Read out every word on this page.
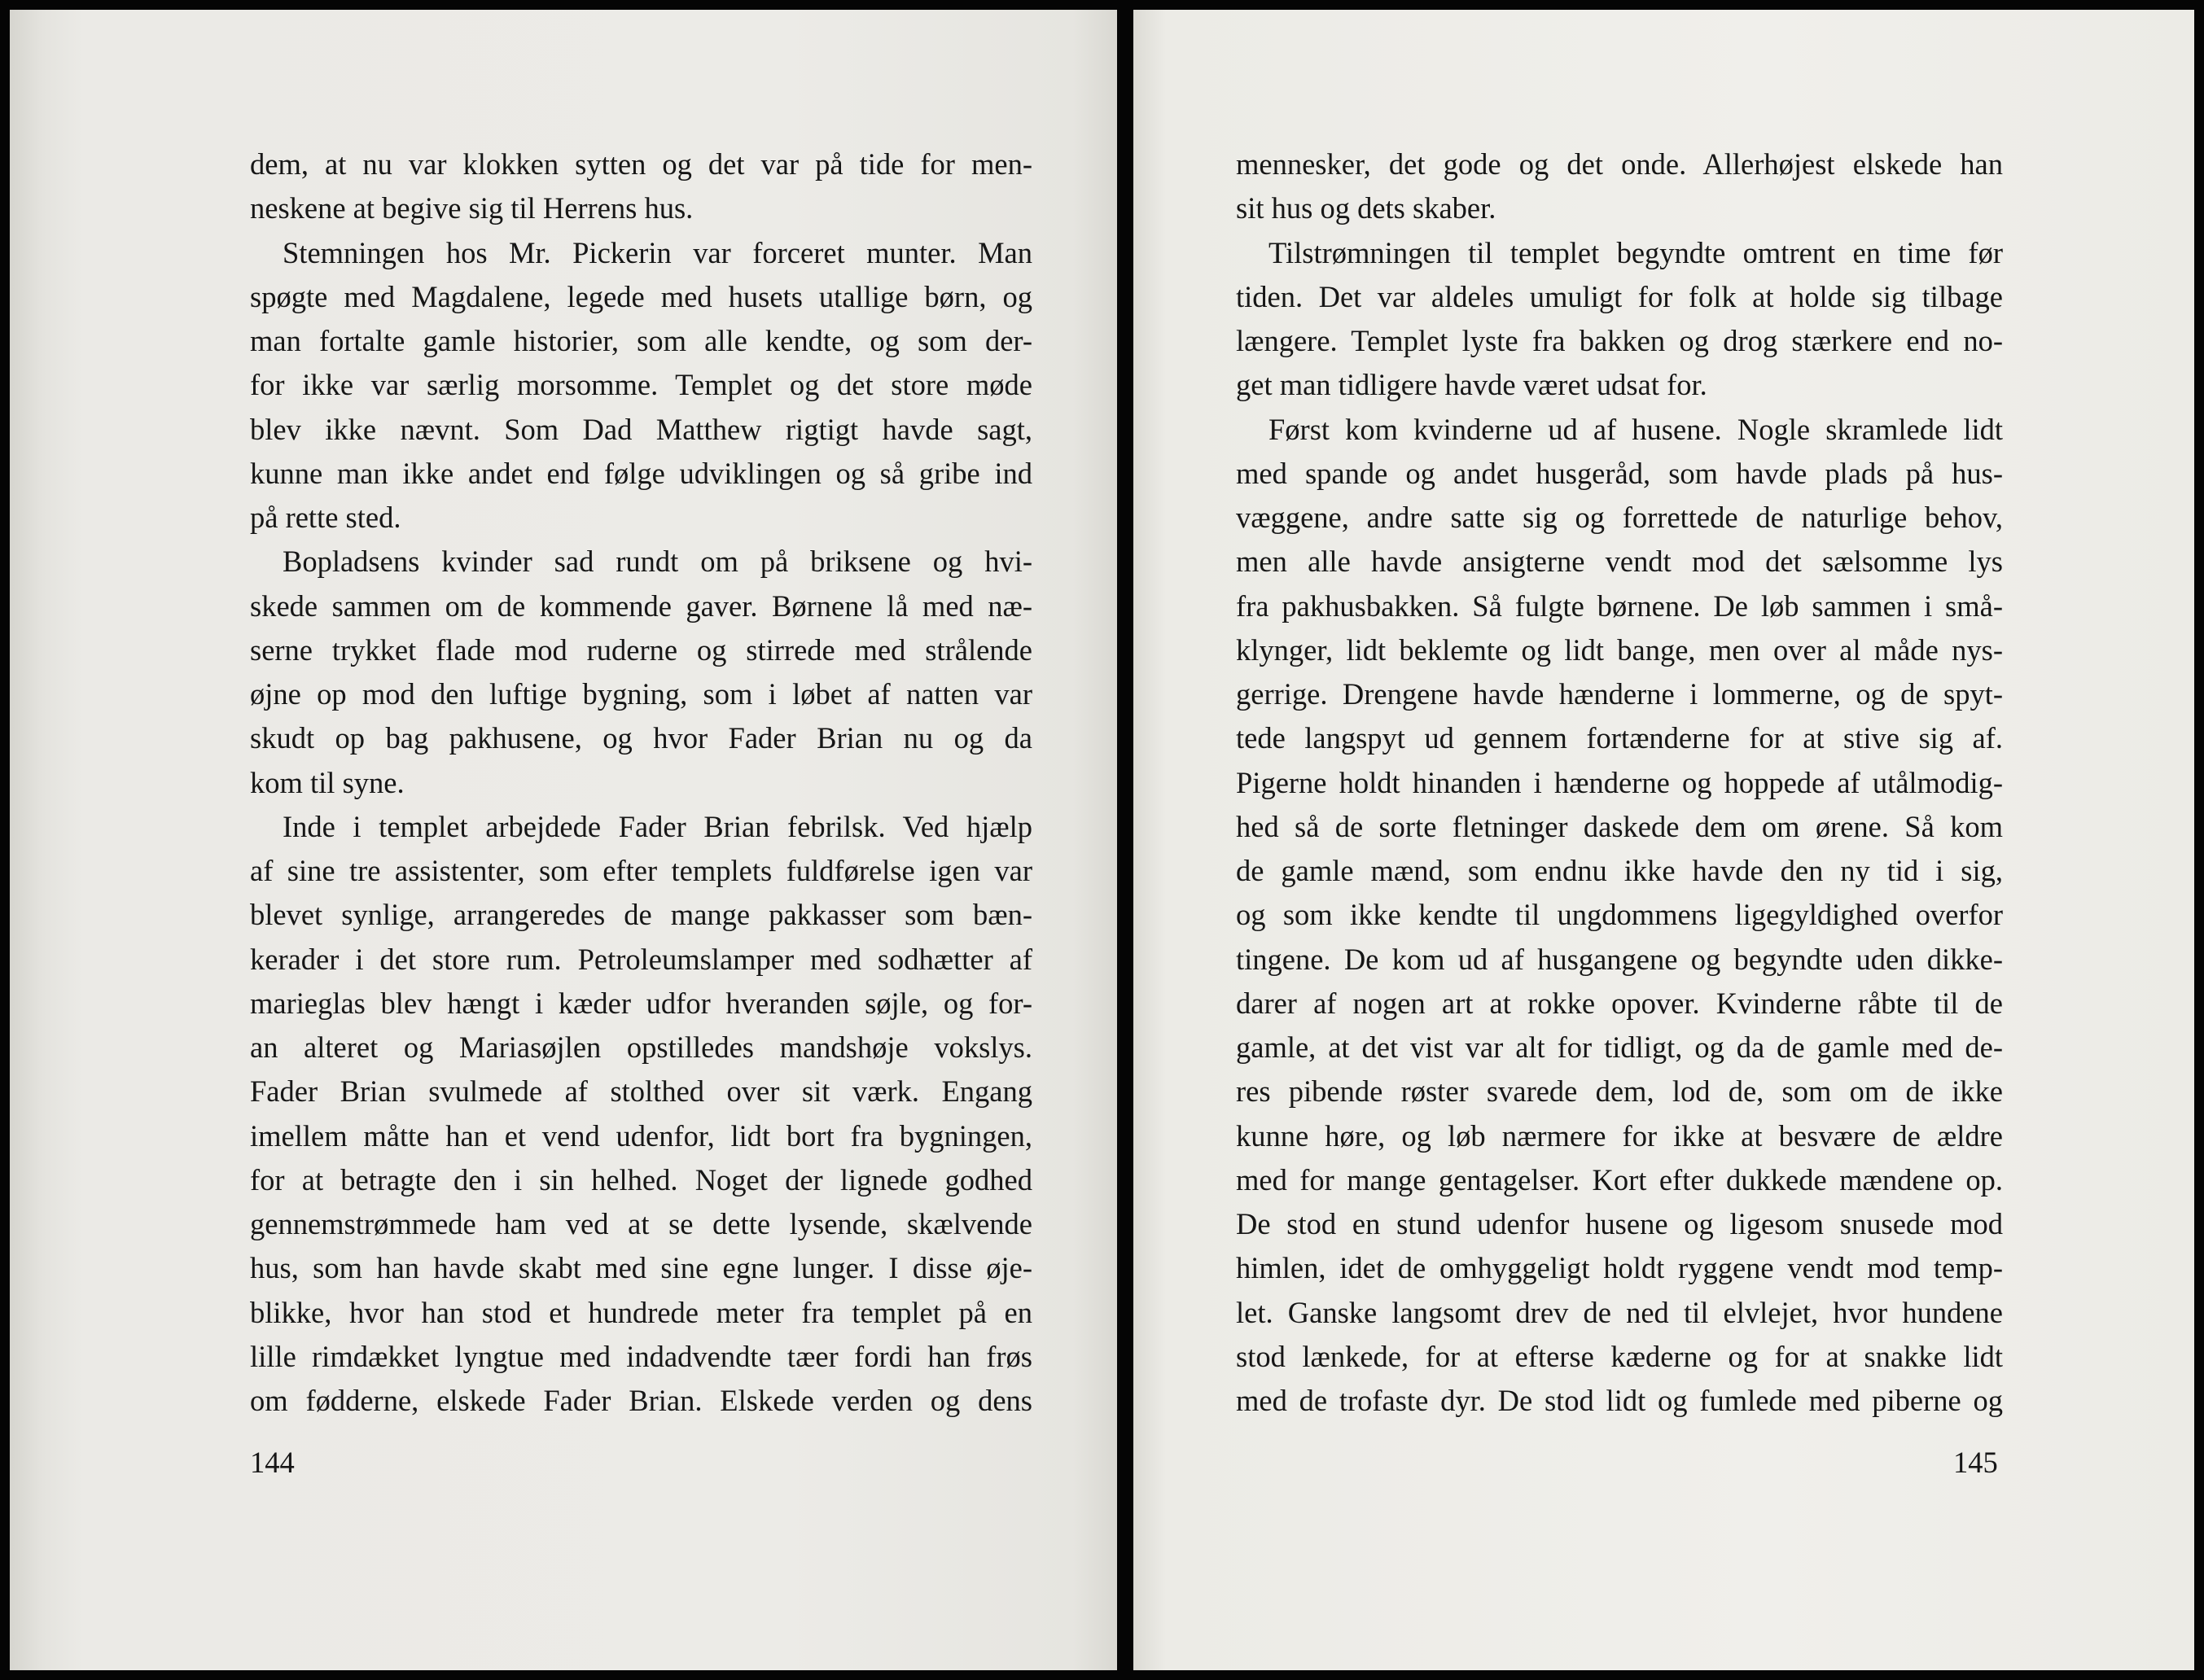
dem, at nu var klokken sytten og det var på tide for men-
neskene at begive sig til Herrens hus.
Stemningen hos Mr. Pickerin var forceret munter. Man
spøgte med Magdalene, legede med husets utallige børn, og
man fortalte gamle historier, som alle kendte, og som der-
for ikke var særlig morsomme. Templet og det store møde
blev ikke nævnt. Som Dad Matthew rigtigt havde sagt,
kunne man ikke andet end følge udviklingen og så gribe ind
på rette sted.
Bopladsens kvinder sad rundt om på briksene og hvi-
skede sammen om de kommende gaver. Børnene lå med næ-
serne trykket flade mod ruderne og stirrede med strålende
øjne op mod den luftige bygning, som i løbet af natten var
skudt op bag pakhusene, og hvor Fader Brian nu og da
kom til syne.
Inde i templet arbejdede Fader Brian febrilsk. Ved hjælp
af sine tre assistenter, som efter templets fuldførelse igen var
blevet synlige, arrangeredes de mange pakkasser som bæn-
kerader i det store rum. Petroleumslamper med sodhætter af
marieglas blev hængt i kæder udfor hveranden søjle, og for-
an alteret og Mariasøjlen opstilledes mandshøje vokslys.
Fader Brian svulmede af stolthed over sit værk. Engang
imellem måtte han et vend udenfor, lidt bort fra bygningen,
for at betragte den i sin helhed. Noget der lignede godhed
gennemstrømmede ham ved at se dette lysende, skælvende
hus, som han havde skabt med sine egne lunger. I disse øje-
blikke, hvor han stod et hundrede meter fra templet på en
lille rimdækket lyngtue med indadvendte tæer fordi han frøs
om fødderne, elskede Fader Brian. Elskede verden og dens
144
mennesker, det gode og det onde. Allerhøjest elskede han
sit hus og dets skaber.
Tilstrømningen til templet begyndte omtrent en time før
tiden. Det var aldeles umuligt for folk at holde sig tilbage
længere. Templet lyste fra bakken og drog stærkere end no-
get man tidligere havde været udsat for.
Først kom kvinderne ud af husene. Nogle skramlede lidt
med spande og andet husgeråd, som havde plads på hus-
væggene, andre satte sig og forrettede de naturlige behov,
men alle havde ansigterne vendt mod det sælsomme lys
fra pakhusbakken. Så fulgte børnene. De løb sammen i små-
klynger, lidt beklemte og lidt bange, men over al måde nys-
gerrige. Drengene havde hænderne i lommerne, og de spyt-
tede langspyt ud gennem fortænderne for at stive sig af.
Pigerne holdt hinanden i hænderne og hoppede af utålmodig-
hed så de sorte fletninger daskede dem om ørene. Så kom
de gamle mænd, som endnu ikke havde den ny tid i sig,
og som ikke kendte til ungdommens ligegyldighed overfor
tingene. De kom ud af husgangene og begyndte uden dikke-
darer af nogen art at rokke opover. Kvinderne råbte til de
gamle, at det vist var alt for tidligt, og da de gamle med de-
res pibende røster svarede dem, lod de, som om de ikke
kunne høre, og løb nærmere for ikke at besvære de ældre
med for mange gentagelser. Kort efter dukkede mændene op.
De stod en stund udenfor husene og ligesom snusede mod
himlen, idet de omhyggeligt holdt ryggene vendt mod temp-
let. Ganske langsomt drev de ned til elvlejet, hvor hundene
stod lænkede, for at efterse kæderne og for at snakke lidt
med de trofaste dyr. De stod lidt og fumlede med piberne og
145
